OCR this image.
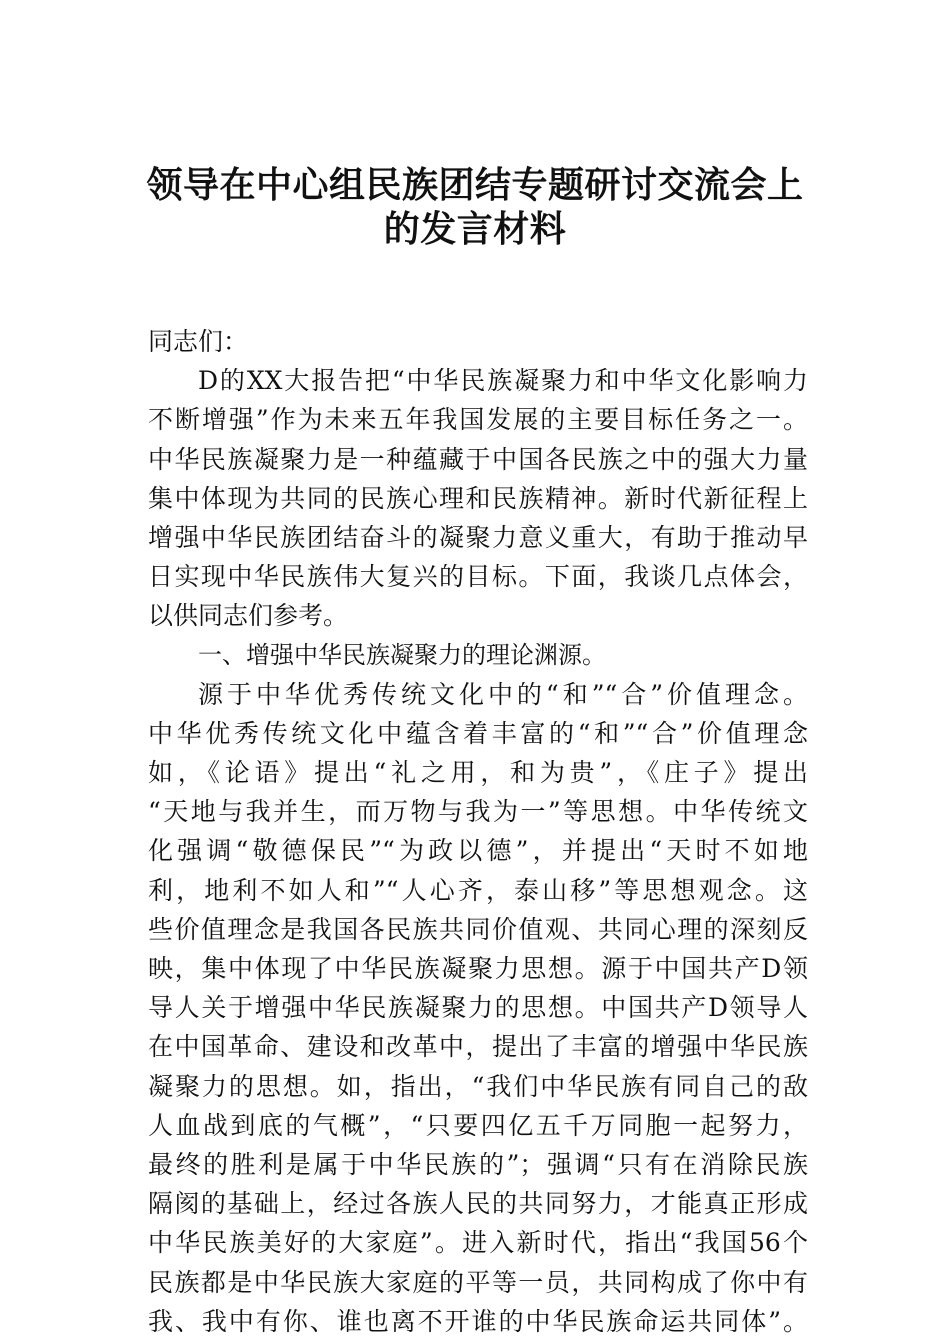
领导在中心组民族团结专题研讨交流会上
的发言材料
同志们：
D的XX大报告把“中华民族凝聚力和中华文化影响力
不断增强”作为未来五年我国发展的主要目标任务之一。
中华民族凝聚力是一种蕴藏于中国各民族之中的强大力量
集中体现为共同的民族心理和民族精神。新时代新征程上
增强中华民族团结奋斗的凝聚力意义重大，有助于推动早
日实现中华民族伟大复兴的目标。下面，我谈几点体会，
以供同志们参考。
一、增强中华民族凝聚力的理论渊源。
源于中华优秀传统文化中的“和”“合”价值理念。
中华优秀传统文化中蕴含着丰富的“和”“合”价值理念
如，《论语》提出“礼之用，和为贵”，《庄子》提出
“天地与我并生，而万物与我为一”等思想。中华传统文
化强调“敬德保民”“为政以德”，并提出“天时不如地
利，地利不如人和”“人心齐，泰山移”等思想观念。这
些价值理念是我国各民族共同价值观、共同心理的深刻反
映，集中体现了中华民族凝聚力思想。源于中国共产D领
导人关于增强中华民族凝聚力的思想。中国共产D领导人
在中国革命、建设和改革中，提出了丰富的增强中华民族
凝聚力的思想。如，指出，“我们中华民族有同自己的敌
人血战到底的气概”，“只要四亿五千万同胞一起努力，
最终的胜利是属于中华民族的”；强调“只有在消除民族
隔阂的基础上，经过各族人民的共同努力，才能真正形成
中华民族美好的大家庭”。进入新时代，指出“我国56个
民族都是中华民族大家庭的平等一员，共同构成了你中有
我、我中有你、谁也离不开谁的中华民族命运共同体”。
